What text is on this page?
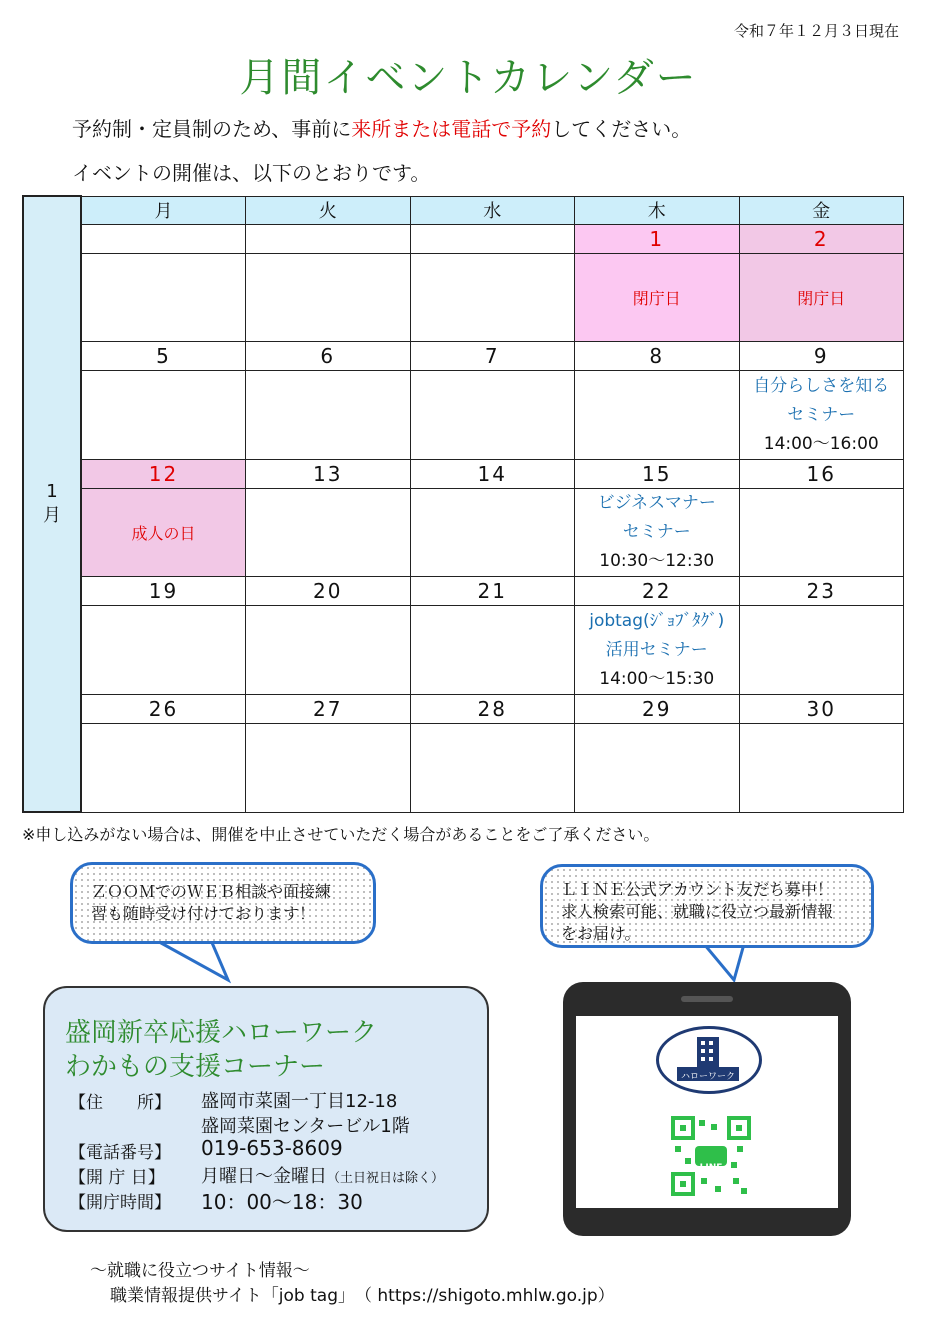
令和７年１２月３日現在
月間イベントカレンダー
予約制・定員制のため、事前に来所または電話で予約してください。
イベントの開催は、以下のとおりです。
1
月	月	火	水	木	金
				1	2
				閉庁日	閉庁日
	5	6	7	8	9

					自分らしさを知る
セミナー
14:00～16:00

	12	13	14	15	16
	成人の日			ビジネスマナー
セミナー
10:30～12:30	

	19	20	21	22	23

				jobtag(ｼﾞｮﾌﾞﾀｸﾞ)
活用セミナー
14:00～15:30	

	26	27	28	29	30

※申し込みがない場合は、開催を中止させていただく場合があることをご了承ください。
ＺＯＯＭでのＷＥＢ相談や面接練
習も随時受け付けております！
ＬＩＮＥ公式アカウント友だち募中！
求人検索可能、就職に役立つ最新情報
をお届け。
盛岡新卒応援ハローワーク
わかもの支援コーナー
【住　　所】 盛岡市菜園一丁目12-18
盛岡菜園センタービル1階
【電話番号】 019-653-8609
【開 庁 日】 月曜日～金曜日（土日祝日は除く）
【開庁時間】 10：00～18：30
ハローワーク
LINE
～就職に役立つサイト情報～
職業情報提供サイト「job tag」　（ https://shigoto.mhlw.go.jp）
